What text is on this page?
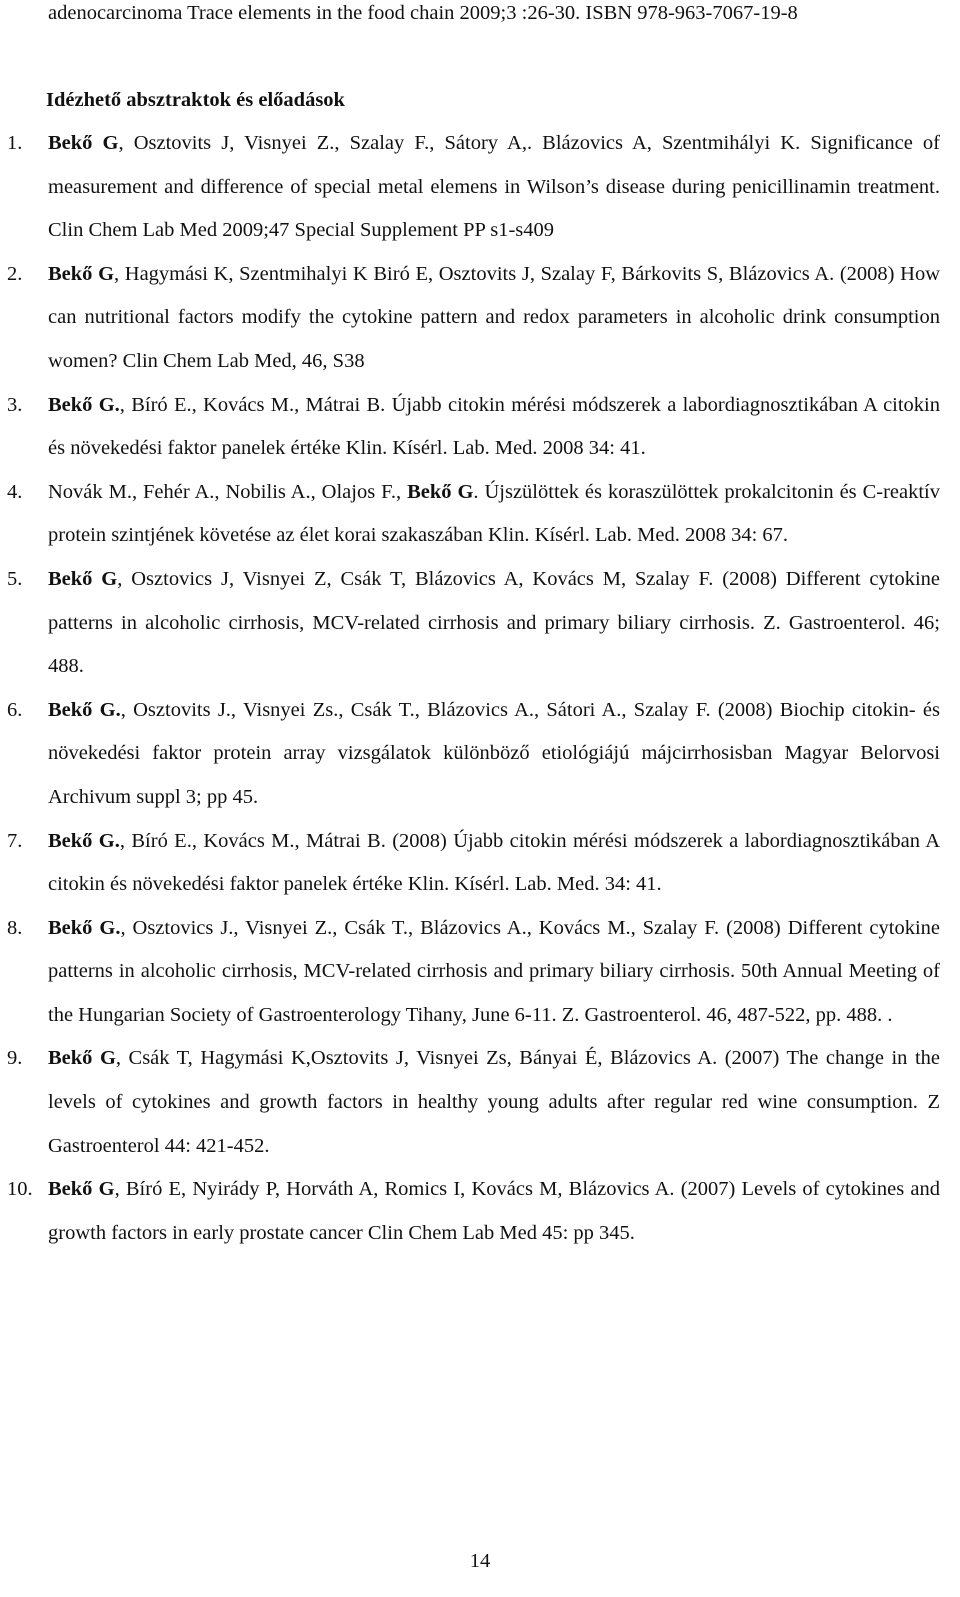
adenocarcinoma Trace elements in the food chain 2009;3 :26-30. ISBN 978-963-7067-19-8
Idézhető absztraktok és előadások
1. Bekő G, Osztovits J, Visnyei Z., Szalay F., Sátory A,. Blázovics A, Szentmihályi K. Significance of measurement and difference of special metal elemens in Wilson’s disease during penicillinamin treatment. Clin Chem Lab Med 2009;47 Special Supplement PP s1-s409
2. Bekő G, Hagymási K, Szentmihalyi K Biró E, Osztovits J, Szalay F, Bárkovits S, Blázovics A. (2008) How can nutritional factors modify the cytokine pattern and redox parameters in alcoholic drink consumption women? Clin Chem Lab Med, 46, S38
3. Bekő G., Bíró E., Kovács M., Mátrai B. Újabb citokin mérési módszerek a labordiagnosztikában A citokin és növekedési faktor panelek értéke Klin. Kísérl. Lab. Med. 2008 34: 41.
4. Novák M., Fehér A., Nobilis A., Olajos F., Bekő G. Újszülöttek és koraszülöttek prokalcitonin és C-reaktív protein szintjének követése az élet korai szakaszában Klin. Kísérl. Lab. Med. 2008 34: 67.
5. Bekő G, Osztovics J, Visnyei Z, Csák T, Blázovics A, Kovács M, Szalay F. (2008) Different cytokine patterns in alcoholic cirrhosis, MCV-related cirrhosis and primary biliary cirrhosis. Z. Gastroenterol. 46; 488.
6. Bekő G., Osztovits J., Visnyei Zs., Csák T., Blázovics A., Sátori A., Szalay F. (2008) Biochip citokin- és növekedési faktor protein array vizsgálatok különböző etiológiájú májcirrhosisban Magyar Belorvosi Archivum suppl 3; pp 45.
7. Bekő G., Bíró E., Kovács M., Mátrai B. (2008) Újabb citokin mérési módszerek a labordiagnosztikában A citokin és növekedési faktor panelek értéke Klin. Kísérl. Lab. Med. 34: 41.
8. Bekő G., Osztovics J., Visnyei Z., Csák T., Blázovics A., Kovács M., Szalay F. (2008) Different cytokine patterns in alcoholic cirrhosis, MCV-related cirrhosis and primary biliary cirrhosis. 50th Annual Meeting of the Hungarian Society of Gastroenterology Tihany, June 6-11. Z. Gastroenterol. 46, 487-522, pp. 488. .
9. Bekő G, Csák T, Hagymási K,Osztovits J, Visnyei Zs, Bányai É, Blázovics A. (2007) The change in the levels of cytokines and growth factors in healthy young adults after regular red wine consumption. Z Gastroenterol 44: 421-452.
10. Bekő G, Bíró E, Nyirády P, Horváth A, Romics I, Kovács M, Blázovics A. (2007) Levels of cytokines and growth factors in early prostate cancer Clin Chem Lab Med 45: pp 345.
14
